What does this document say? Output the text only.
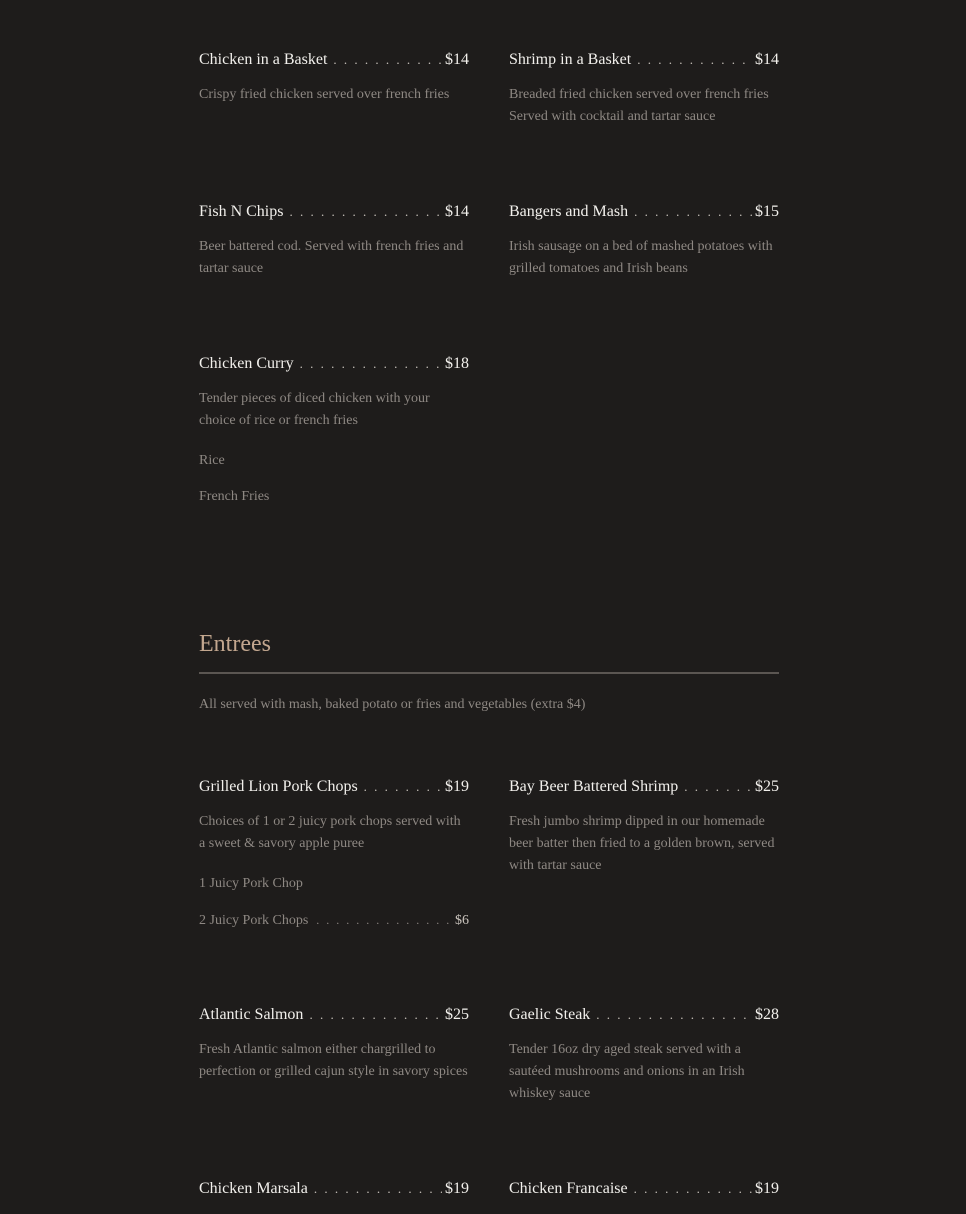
Chicken in a Basket . . .	$14
Crispy fried chicken served over french fries
Shrimp in a Basket . . .	$14
Breaded fried chicken served over french fries Served with cocktail and tartar sauce
Fish N Chips . . .	$14
Beer battered cod. Served with french fries and tartar sauce
Bangers and Mash . . .	$15
Irish sausage on a bed of mashed potatoes with grilled tomatoes and Irish beans
Chicken Curry . . .	$18
Tender pieces of diced chicken with your choice of rice or french fries
Rice
French Fries
Entrees
All served with mash, baked potato or fries and vegetables (extra $4)
Grilled Lion Pork Chops . . .	$19
Choices of 1 or 2 juicy pork chops served with a sweet & savory apple puree
1 Juicy Pork Chop
2 Juicy Pork Chops . . .	$6
Bay Beer Battered Shrimp . . .	$25
Fresh jumbo shrimp dipped in our homemade beer batter then fried to a golden brown, served with tartar sauce
Atlantic Salmon . . .	$25
Fresh Atlantic salmon either chargrilled to perfection or grilled cajun style in savory spices
Gaelic Steak . . .	$28
Tender 16oz dry aged steak served with a sautéed mushrooms and onions in an Irish whiskey sauce
Chicken Marsala . . .	$19	Chicken Francaise . . .	$19
